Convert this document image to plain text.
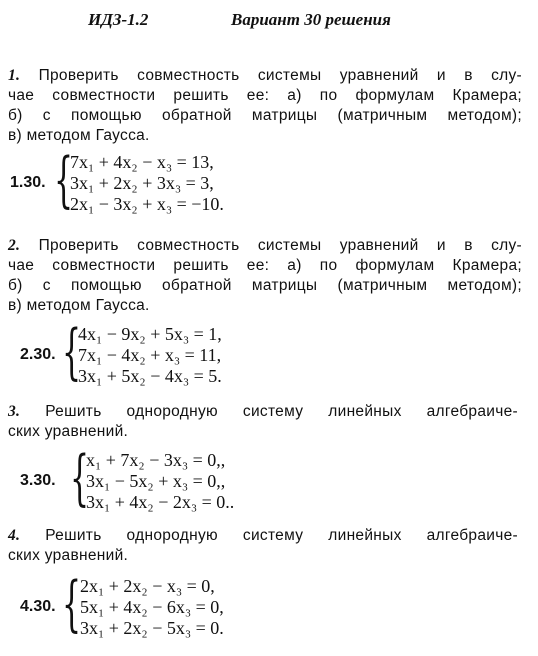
ИДЗ-1.2	Вариант 30 решения

1. Проверить совместность системы уравнений и в слу-
чае совместности решить ее: а) по формулам Крамера;
б) с помощью обратной матрицы (матричным методом);
в) методом Гаусса.

1.30. {
7x₁ + 4x₂ − x₃ = 13,
3x₁ + 2x₂ + 3x₃ = 3,
2x₁ − 3x₂ + x₃ = −10.

2. Проверить совместность системы уравнений и в слу-
чае совместности решить ее: а) по формулам Крамера;
б) с помощью обратной матрицы (матричным методом);
в) методом Гаусса.

2.30. {
4x₁ − 9x₂ + 5x₃ = 1,
7x₁ − 4x₂ + x₃ = 11,
3x₁ + 5x₂ − 4x₃ = 5.

3. Решить однородную систему линейных алгебраиче-
ских уравнений.

3.30. {
x₁ + 7x₂ − 3x₃ = 0,,
3x₁ − 5x₂ + x₃ = 0,,
3x₁ + 4x₂ − 2x₃ = 0..

4. Решить однородную систему линейных алгебраиче-
ских уравнений.

4.30. {
2x₁ + 2x₂ − x₃ = 0,
5x₁ + 4x₂ − 6x₃ = 0,
3x₁ + 2x₂ − 5x₃ = 0.
